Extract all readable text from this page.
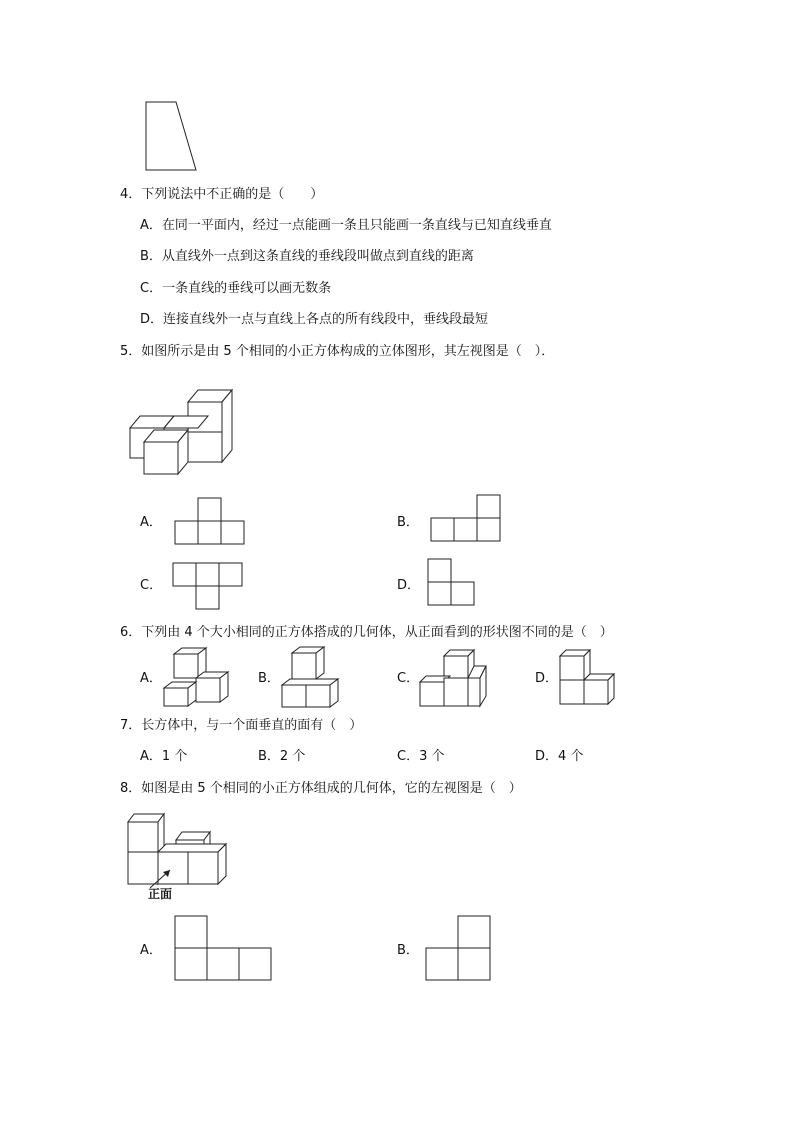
4．下列说法中不正确的是（　　）
A．在同一平面内，经过一点能画一条且只能画一条直线与已知直线垂直
B．从直线外一点到这条直线的垂线段叫做点到直线的距离
C．一条直线的垂线可以画无数条
D．连接直线外一点与直线上各点的所有线段中，垂线段最短
5．如图所示是由 5 个相同的小正方体构成的立体图形，其左视图是（　）．
A．	B．
C．	D．
6．下列由 4 个大小相同的正方体搭成的几何体，从正面看到的形状图不同的是（　）
A．	B．	C．	D．
7．长方体中，与一个面垂直的面有（　）
A．1 个	B．2 个	C．3 个	D．4 个
8．如图是由 5 个相同的小正方体组成的几何体，它的左视图是（　）
正面
A．	B．
